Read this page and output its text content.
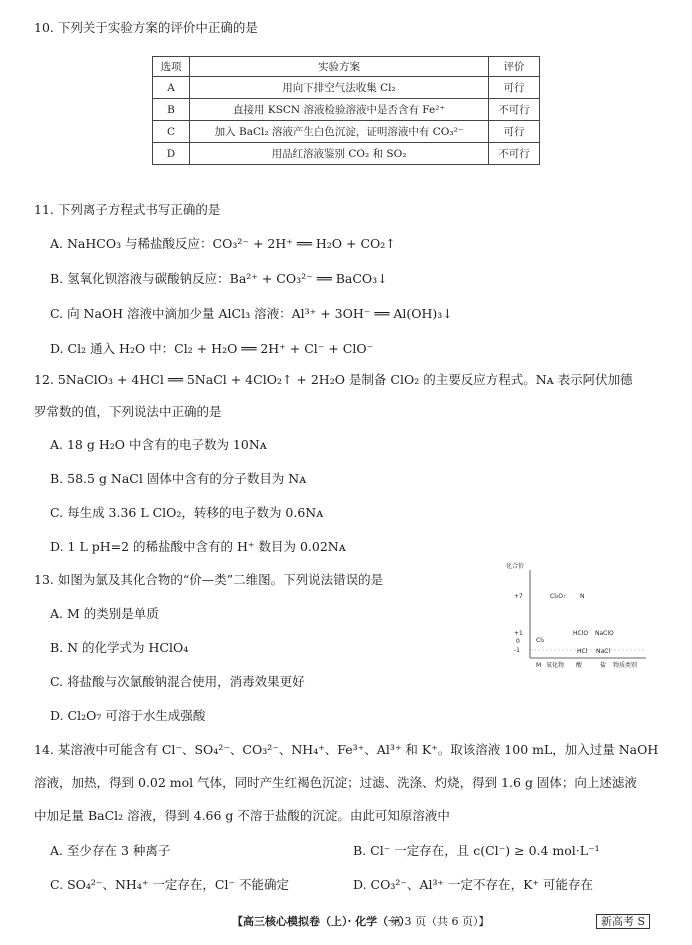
10. 下列关于实验方案的评价中正确的是
选项	实验方案	评价
A	用向下排空气法收集 Cl₂	可行
B	直接用 KSCN 溶液检验溶液中是否含有 Fe²⁺	不可行
C	加入 BaCl₂ 溶液产生白色沉淀，证明溶液中有 CO₃²⁻	可行
D	用品红溶液鉴别 CO₂ 和 SO₂	不可行
11. 下列离子方程式书写正确的是
A. NaHCO₃ 与稀盐酸反应：CO₃²⁻ + 2H⁺ ══ H₂O + CO₂↑
B. 氢氧化钡溶液与碳酸钠反应：Ba²⁺ + CO₃²⁻ ══ BaCO₃↓
C. 向 NaOH 溶液中滴加少量 AlCl₃ 溶液：Al³⁺ + 3OH⁻ ══ Al(OH)₃↓
D. Cl₂ 通入 H₂O 中：Cl₂ + H₂O ══ 2H⁺ + Cl⁻ + ClO⁻
12. 5NaClO₃ + 4HCl ══ 5NaCl + 4ClO₂↑ + 2H₂O 是制备 ClO₂ 的主要反应方程式。Nᴀ 表示阿伏加德
罗常数的值，下列说法中正确的是
A. 18 g H₂O 中含有的电子数为 10Nᴀ
B. 58.5 g NaCl 固体中含有的分子数目为 Nᴀ
C. 每生成 3.36 L ClO₂，转移的电子数为 0.6Nᴀ
D. 1 L pH=2 的稀盐酸中含有的 H⁺ 数目为 0.02Nᴀ
13. 如图为氯及其化合物的“价—类”二维图。下列说法错误的是
A. M 的类别是单质
B. N 的化学式为 HClO₄
C. 将盐酸与次氯酸钠混合使用，消毒效果更好
D. Cl₂O₇ 可溶于水生成强酸
化合价
+7
+1
0
-1
M 氧化物 酸	盐 物质类别
Cl₂O₇ N
Cl₂
HClO NaClO
HCl NaCl
14. 某溶液中可能含有 Cl⁻、SO₄²⁻、CO₃²⁻、NH₄⁺、Fe³⁺、Al³⁺ 和 K⁺。取该溶液 100 mL，加入过量 NaOH
溶液，加热，得到 0.02 mol 气体，同时产生红褐色沉淀；过滤、洗涤、灼烧，得到 1.6 g 固体；向上述滤液
中加足量 BaCl₂ 溶液，得到 4.66 g 不溶于盐酸的沉淀。由此可知原溶液中
A. 至少存在 3 种离子	B. Cl⁻ 一定存在，且 c(Cl⁻) ≥ 0.4 mol·L⁻¹
C. SO₄²⁻、NH₄⁺ 一定存在，Cl⁻ 不能确定	D. CO₃²⁻、Al³⁺ 一定不存在，K⁺ 可能存在
【高三核心模拟卷（上）· 化学（一）
第 3 页（共 6 页）】	新高考 S
